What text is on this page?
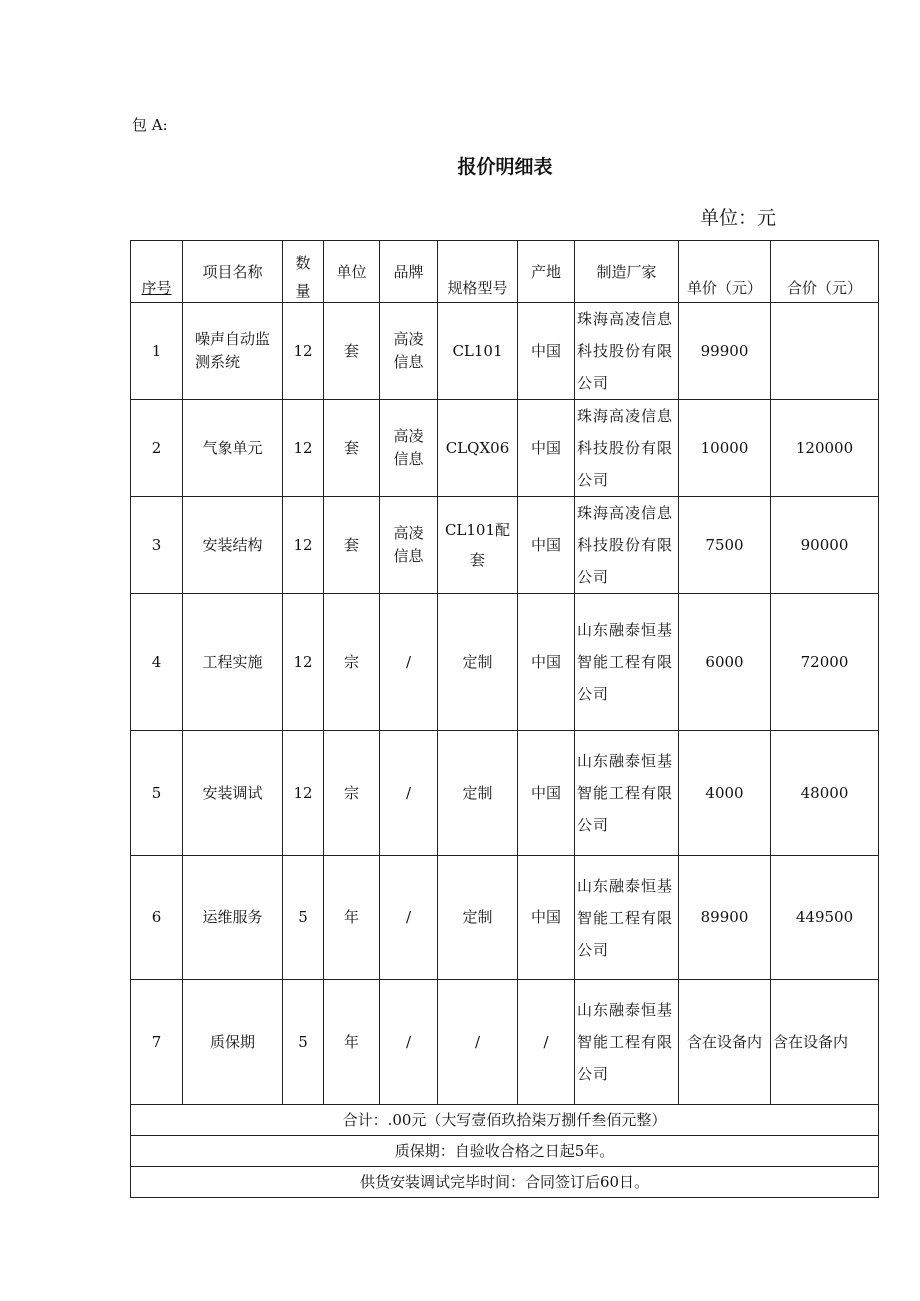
包 A:
报价明细表
单位：元
序号	项目名称	数量	单位	品牌	规格型号	产地	制造厂家	单价（元）	合价（元）

1	噪声自动监测系统	12	套	高凌信息	CL101	中国	珠海高凌信息科技股份有限公司	99900	
2	气象单元	12	套	高凌信息	CLQX06	中国	珠海高凌信息科技股份有限公司	10000	120000
3	安装结构	12	套	高凌信息	CL101配套	中国	珠海高凌信息科技股份有限公司	7500	90000
4	工程实施	12	宗	/	定制	中国	山东融泰恒基智能工程有限公司	6000	72000
5	安装调试	12	宗	/	定制	中国	山东融泰恒基智能工程有限公司	4000	48000
6	运维服务	5	年	/	定制	中国	山东融泰恒基智能工程有限公司	89900	449500
7	质保期	5	年	/	/	/	山东融泰恒基智能工程有限公司	含在设备内	含在设备内
合计：.00元（大写壹佰玖拾柒万捌仟叁佰元整）									
质保期：自验收合格之日起5年。									
供货安装调试完毕时间：合同签订后60日。									
